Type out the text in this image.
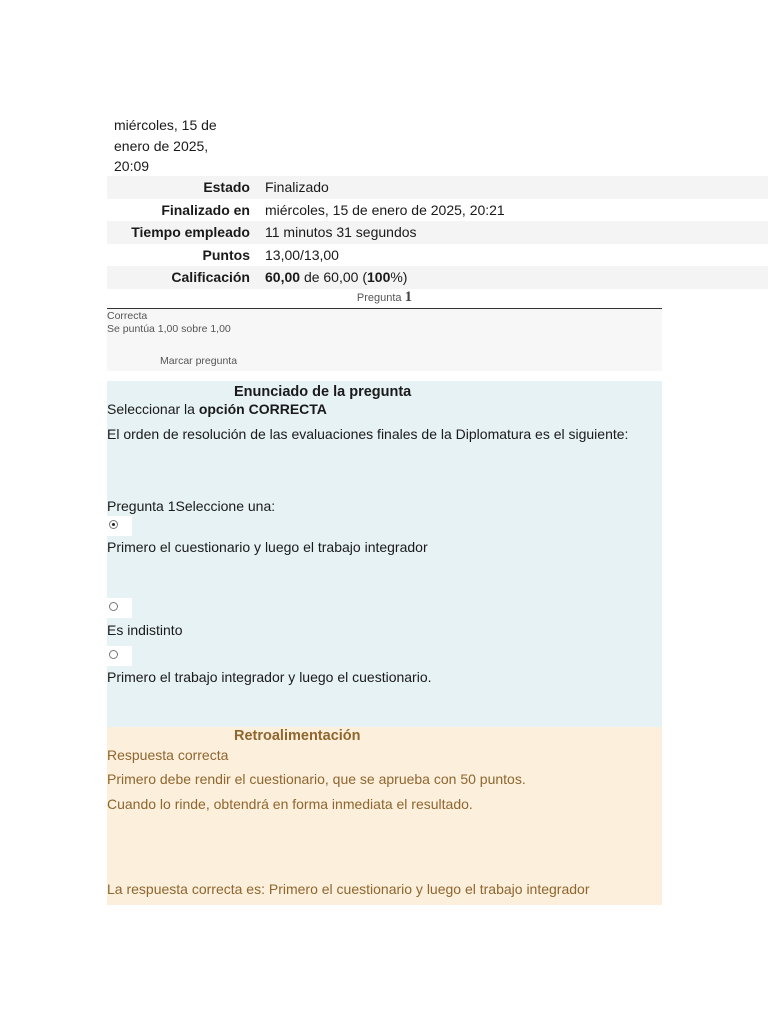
miércoles, 15 de
enero de 2025,
20:09
Estado	Finalizado
Finalizado en	miércoles, 15 de enero de 2025, 20:21
Tiempo empleado	11 minutos 31 segundos
Puntos	13,00/13,00
Calificación	60,00 de 60,00 (100%)
Pregunta 1
Correcta
Se puntúa 1,00 sobre 1,00
Marcar pregunta
Enunciado de la pregunta

Seleccionar la opción CORRECTA

El orden de resolución de las evaluaciones finales de la Diplomatura es el siguiente:

Pregunta 1Seleccione una:

Primero el cuestionario y luego el trabajo integrador

Es indistinto

Primero el trabajo integrador y luego el cuestionario.

Retroalimentación

Respuesta correcta

Primero debe rendir el cuestionario, que se aprueba con 50 puntos.

Cuando lo rinde, obtendrá en forma inmediata el resultado.

La respuesta correcta es: Primero el cuestionario y luego el trabajo integrador
